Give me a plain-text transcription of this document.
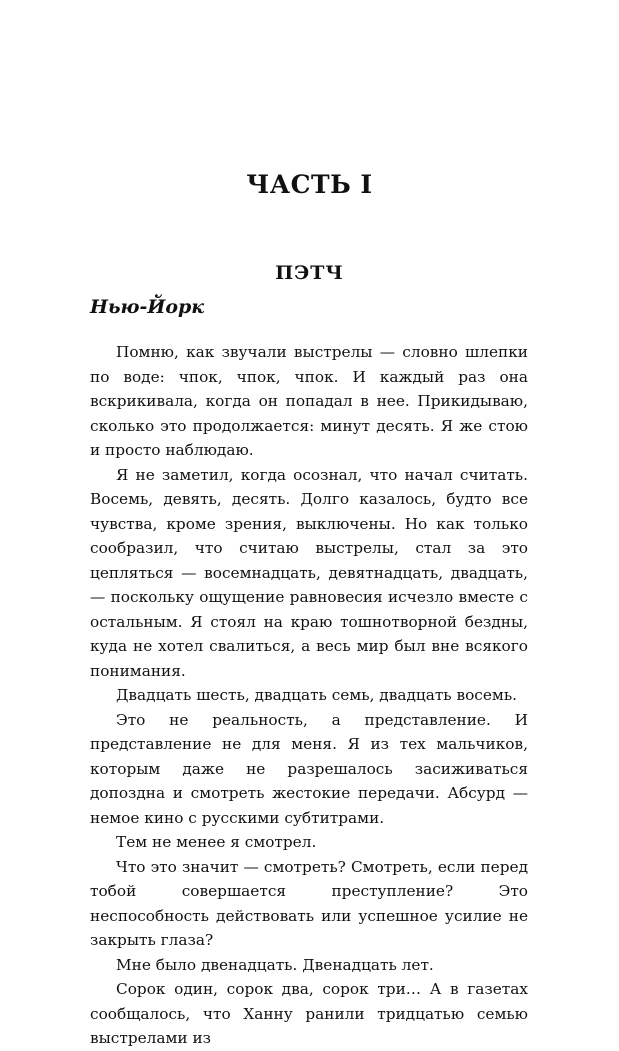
ЧАСТЬ I
ПЭТЧ
Нью-Йорк

Помню, как звучали выстрелы — словно шлепки по воде: чпок, чпок, чпок. И каждый раз она вскрикивала, когда он попадал в нее. Прикидываю, сколько это продолжается: минут десять. Я же стою и просто наблюдаю.

Я не заметил, когда осознал, что начал считать. Восемь, девять, десять. Долго казалось, будто все чувства, кроме зрения, выключены. Но как только сообразил, что считаю выстрелы, стал за это цепляться — восемнадцать, девятнадцать, двадцать, — поскольку ощущение равновесия исчезло вместе с остальным. Я стоял на краю тошнотворной бездны, куда не хотел свалиться, а весь мир был вне всякого понимания.

Двадцать шесть, двадцать семь, двадцать восемь.

Это не реальность, а представление. И представление не для меня. Я из тех мальчиков, которым даже не разрешалось засиживаться допоздна и смотреть жестокие передачи. Абсурд — немое кино с русскими субтитрами.

Тем не менее я смотрел.

Что это значит — смотреть? Смотреть, если перед тобой совершается преступление? Это неспособность действовать или успешное усилие не закрыть глаза?

Мне было двенадцать. Двенадцать лет.

Сорок один, сорок два, сорок три… А в газетах сообщалось, что Ханну ранили тридцатью семью выстрелами из
